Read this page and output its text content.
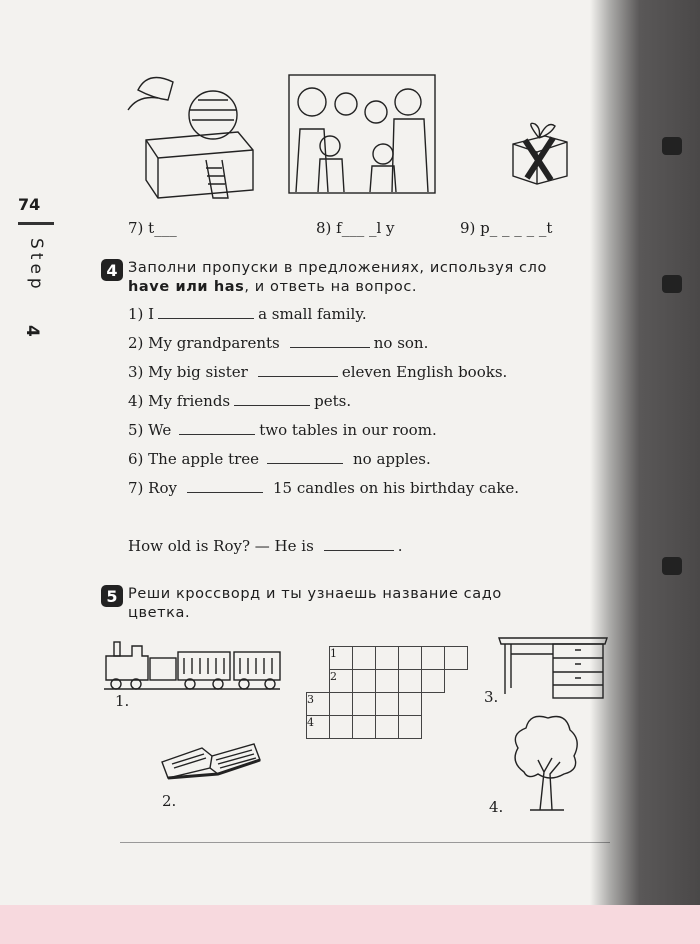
7) t___	8) f___ _l y	9) p_ _ _ _ _t
74
Step
4
4 Заполни пропуски в предложениях, используя сло
have или has, и ответь на вопрос.
1) I	a small family.
2) My grandparents	no son.
3) My big sister	eleven English books.
4) My friends	pets.
5) We	two tables in our room.
6) The apple tree	no apples.
7) Roy	15 candles on his birthday cake.
How old is Roy? — He is	.
5 Реши кроссворд и ты узнаешь название садо
цветка.
1.
	1					
	2					
3						
4						
3.
2.	4.
